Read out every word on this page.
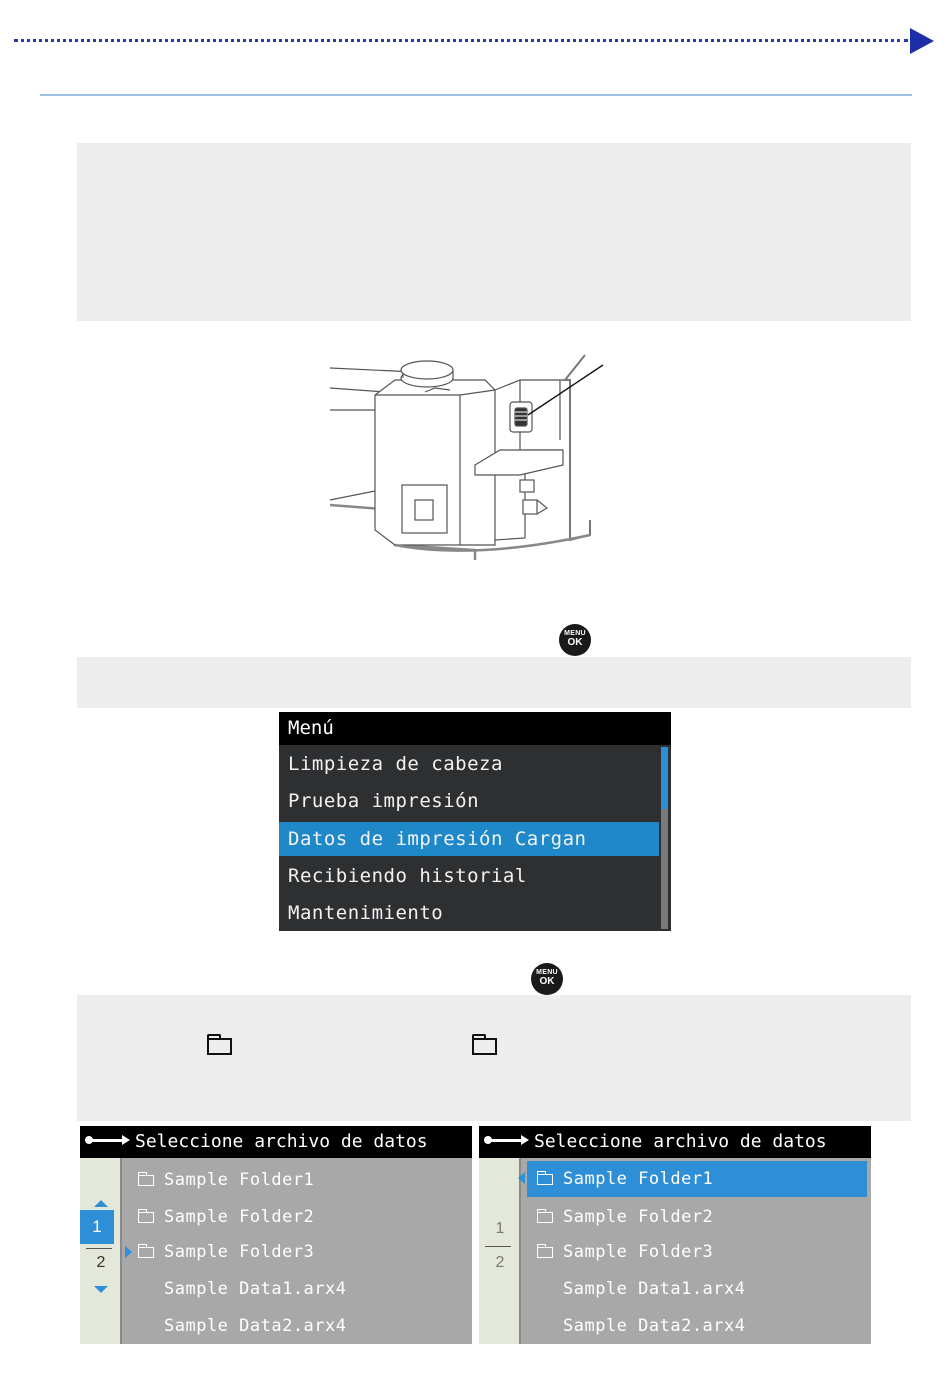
MENU
OK
Menú
Limpieza de cabeza
Prueba impresión
Datos de impresión Cargan
Recibiendo historial
Mantenimiento
MENU
OK
Seleccione archivo de datos
1
2
Sample Folder1
Sample Folder2
Sample Folder3
Sample Data1.arx4
Sample Data2.arx4
Seleccione archivo de datos
1
2
Sample Folder1
Sample Folder2
Sample Folder3
Sample Data1.arx4
Sample Data2.arx4
